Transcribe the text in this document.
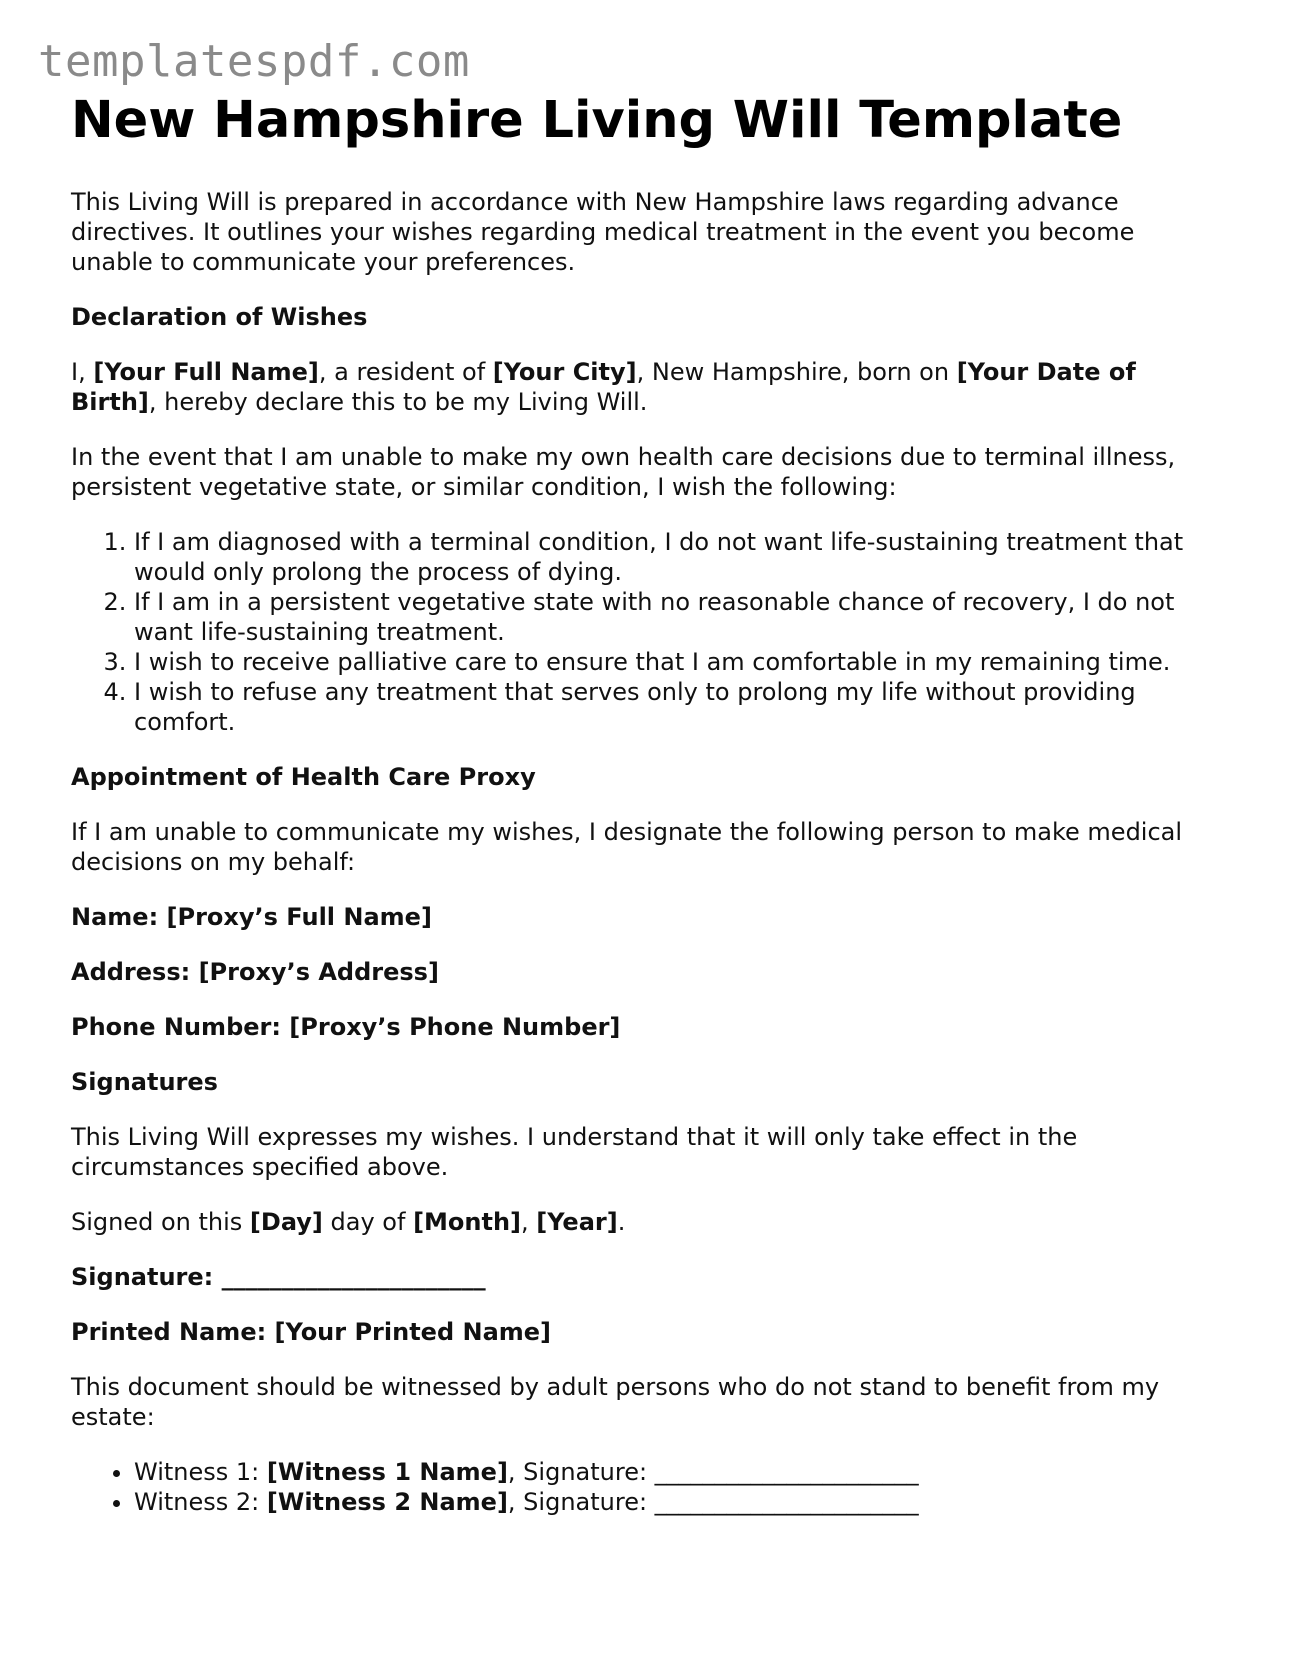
templatespdf.com
New Hampshire Living Will Template

This Living Will is prepared in accordance with New Hampshire laws regarding advance directives. It outlines your wishes regarding medical treatment in the event you become unable to communicate your preferences.

Declaration of Wishes

I, [Your Full Name], a resident of [Your City], New Hampshire, born on [Your Date of Birth], hereby declare this to be my Living Will.

In the event that I am unable to make my own health care decisions due to terminal illness, persistent vegetative state, or similar condition, I wish the following:

1. If I am diagnosed with a terminal condition, I do not want life-sustaining treatment that would only prolong the process of dying.
2. If I am in a persistent vegetative state with no reasonable chance of recovery, I do not want life-sustaining treatment.
3. I wish to receive palliative care to ensure that I am comfortable in my remaining time.
4. I wish to refuse any treatment that serves only to prolong my life without providing comfort.
Appointment of Health Care Proxy

If I am unable to communicate my wishes, I designate the following person to make medical decisions on my behalf:

Name: [Proxy’s Full Name]

Address: [Proxy’s Address]

Phone Number: [Proxy’s Phone Number]

Signatures

This Living Will expresses my wishes. I understand that it will only take effect in the circumstances specified above.

Signed on this [Day] day of [Month], [Year].

Signature: ______________________

Printed Name: [Your Printed Name]

This document should be witnessed by adult persons who do not stand to benefit from my estate:

• Witness 1: [Witness 1 Name], Signature: ______________________
• Witness 2: [Witness 2 Name], Signature: ______________________
